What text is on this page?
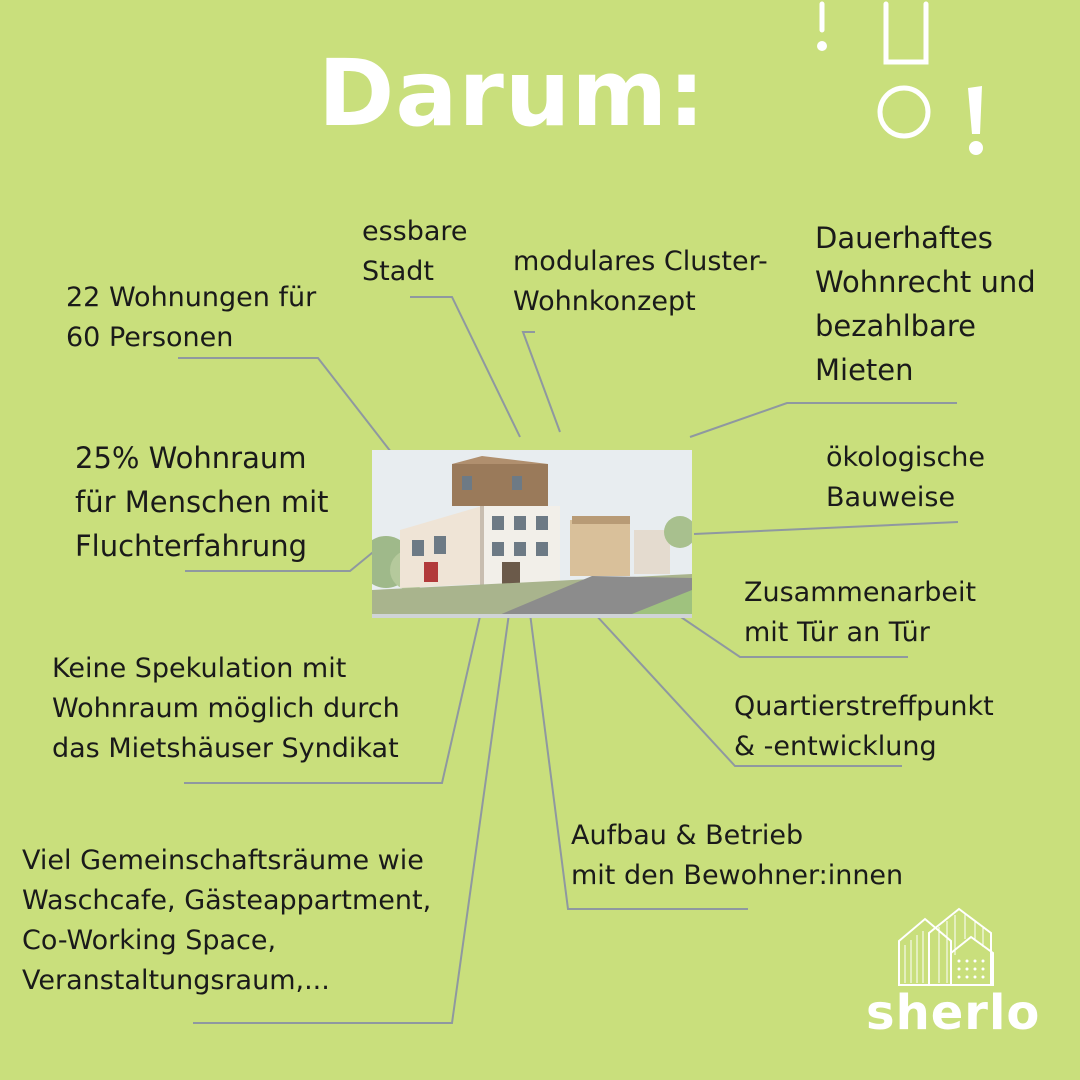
Darum:
22 Wohnungen für
60 Personen
essbare
Stadt	modulares Cluster-
Wohnkonzept
Dauerhaftes
Wohnrecht und
bezahlbare
Mieten
25% Wohnraum
für Menschen mit
Fluchterfahrung
ökologische
Bauweise
Zusammenarbeit
mit Tür an Tür
Keine Spekulation mit
Wohnraum möglich durch
das Mietshäuser Syndikat
Quartierstreffpunkt
& -entwicklung
Aufbau & Betrieb
mit den Bewohner:innen
Viel Gemeinschaftsräume wie
Waschcafe, Gästeappartment,
Co-Working Space,
Veranstaltungsraum,...
sherlo
